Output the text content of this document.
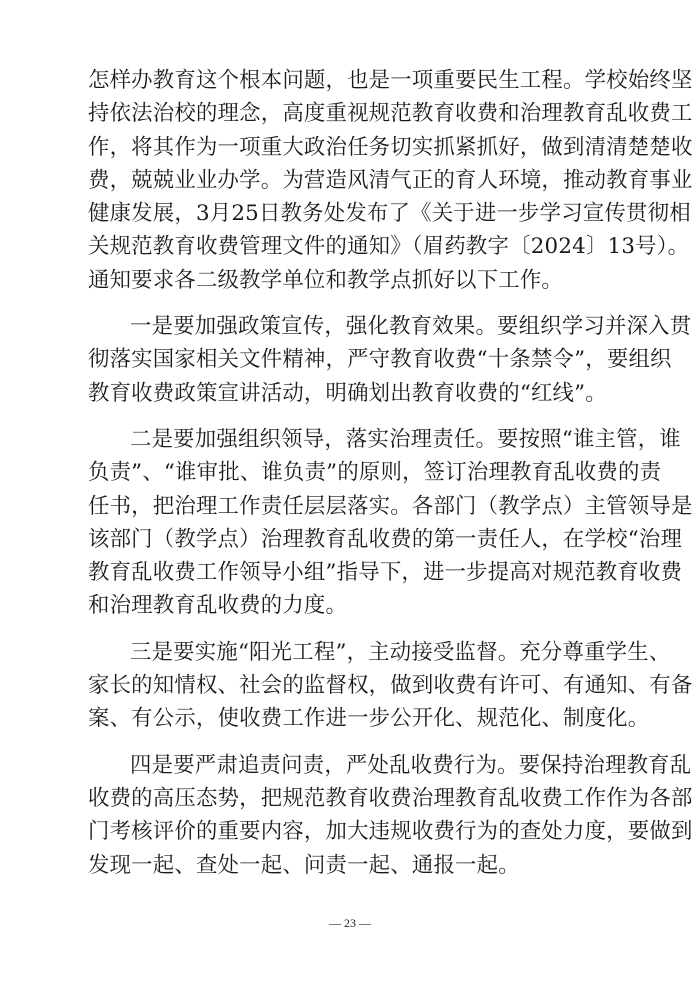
怎样办教育这个根本问题，也是一项重要民生工程。学校始终坚
持依法治校的理念，高度重视规范教育收费和治理教育乱收费工
作，将其作为一项重大政治任务切实抓紧抓好，做到清清楚楚收
费，兢兢业业办学。为营造风清气正的育人环境，推动教育事业
健康发展，3月25日教务处发布了《关于进一步学习宣传贯彻相
关规范教育收费管理文件的通知》（眉药教字〔2024〕13号）。
通知要求各二级教学单位和教学点抓好以下工作。
一是要加强政策宣传，强化教育效果。要组织学习并深入贯
彻落实国家相关文件精神，严守教育收费“十条禁令”，要组织
教育收费政策宣讲活动，明确划出教育收费的“红线”。
二是要加强组织领导，落实治理责任。要按照“谁主管，谁
负责”、“谁审批、谁负责”的原则，签订治理教育乱收费的责
任书，把治理工作责任层层落实。各部门（教学点）主管领导是
该部门（教学点）治理教育乱收费的第一责任人，在学校“治理
教育乱收费工作领导小组”指导下，进一步提高对规范教育收费
和治理教育乱收费的力度。
三是要实施“阳光工程”，主动接受监督。充分尊重学生、
家长的知情权、社会的监督权，做到收费有许可、有通知、有备
案、有公示，使收费工作进一步公开化、规范化、制度化。
四是要严肃追责问责，严处乱收费行为。要保持治理教育乱
收费的高压态势，把规范教育收费治理教育乱收费工作作为各部
门考核评价的重要内容，加大违规收费行为的查处力度，要做到
发现一起、查处一起、问责一起、通报一起。
— 23 —
